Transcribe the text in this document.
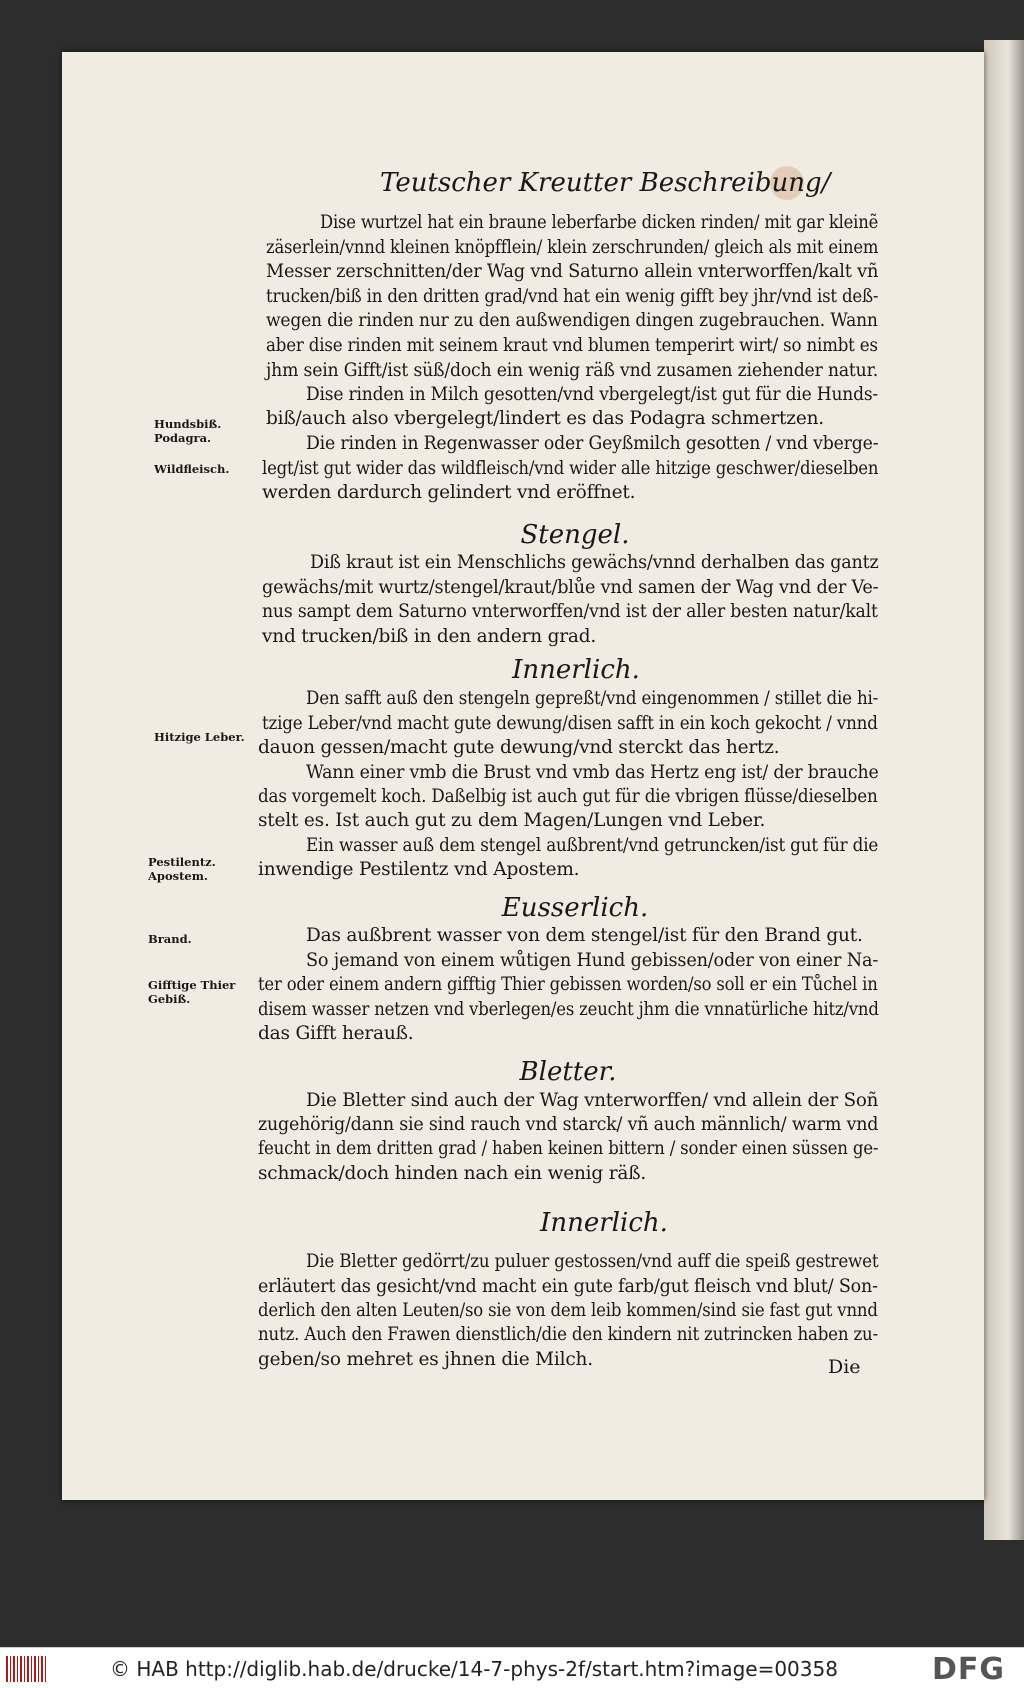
Teutscher Kreutter Beschreibung/
Dise wurtzel hat ein braune leberfarbe dicken rinden/ mit gar kleinẽ
zäserlein/vnnd kleinen knöpfflein/ klein zerschrunden/ gleich als mit einem
Messer zerschnitten/der Wag vnd Saturno allein vnterworffen/kalt vñ
trucken/biß in den dritten grad/vnd hat ein wenig gifft bey jhr/vnd ist deß-
wegen die rinden nur zu den außwendigen dingen zugebrauchen. Wann
aber dise rinden mit seinem kraut vnd blumen temperirt wirt/ so nimbt es
jhm sein Gifft/ist süß/doch ein wenig räß vnd zusamen ziehender natur.
Dise rinden in Milch gesotten/vnd vbergelegt/ist gut für die Hunds-
biß/auch also vbergelegt/lindert es das Podagra schmertzen.
Die rinden in Regenwasser oder Geyßmilch gesotten / vnd vberge-
legt/ist gut wider das wildfleisch/vnd wider alle hitzige geschwer/dieselben
werden dardurch gelindert vnd eröffnet.
Stengel.
Diß kraut ist ein Menschlichs gewächs/vnnd derhalben das gantz
gewächs/mit wurtz/stengel/kraut/blůe vnd samen der Wag vnd der Ve-
nus sampt dem Saturno vnterworffen/vnd ist der aller besten natur/kalt
vnd trucken/biß in den andern grad.
Innerlich.
Den safft auß den stengeln gepreßt/vnd eingenommen / stillet die hi-
tzige Leber/vnd macht gute dewung/disen safft in ein koch gekocht / vnnd
dauon gessen/macht gute dewung/vnd sterckt das hertz.
Wann einer vmb die Brust vnd vmb das Hertz eng ist/ der brauche
das vorgemelt koch. Daßelbig ist auch gut für die vbrigen flüsse/dieselben
stelt es. Ist auch gut zu dem Magen/Lungen vnd Leber.
Ein wasser auß dem stengel außbrent/vnd getruncken/ist gut für die
inwendige Pestilentz vnd Apostem.
Eusserlich.
Das außbrent wasser von dem stengel/ist für den Brand gut.
So jemand von einem wůtigen Hund gebissen/oder von einer Na-
ter oder einem andern gifftig Thier gebissen worden/so soll er ein Tůchel in
disem wasser netzen vnd vberlegen/es zeucht jhm die vnnatürliche hitz/vnd
das Gifft herauß.
Bletter.
Die Bletter sind auch der Wag vnterworffen/ vnd allein der Soñ
zugehörig/dann sie sind rauch vnd starck/ vñ auch männlich/ warm vnd
feucht in dem dritten grad / haben keinen bittern / sonder einen süssen ge-
schmack/doch hinden nach ein wenig räß.
Innerlich.
Die Bletter gedörrt/zu puluer gestossen/vnd auff die speiß gestrewet
erläutert das gesicht/vnd macht ein gute farb/gut fleisch vnd blut/ Son-
derlich den alten Leuten/so sie von dem leib kommen/sind sie fast gut vnnd
nutz. Auch den Frawen dienstlich/die den kindern nit zutrincken haben zu-
geben/so mehret es jhnen die Milch.
Hundsbiß.
Podagra.
Wildfleisch.
Hitzige Leber.
Pestilentz.
Apostem.
Brand.
Gifftige Thier
Gebiß.
Die
© HAB http://diglib.hab.de/drucke/14-7-phys-2f/start.htm?image=00358	DFG
